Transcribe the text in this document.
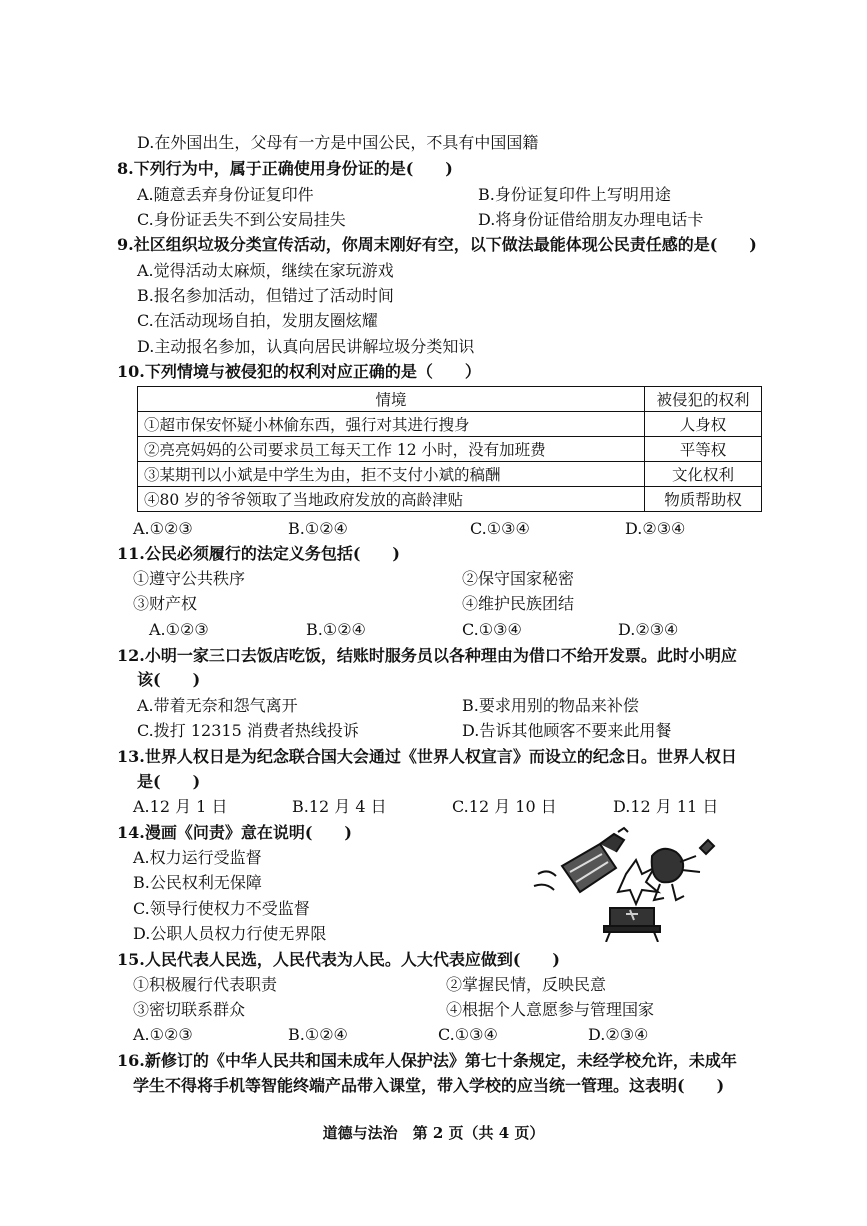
D.在外国出生，父母有一方是中国公民，不具有中国国籍
8.下列行为中，属于正确使用身份证的是(　　)
A.随意丢弃身份证复印件	B.身份证复印件上写明用途
C.身份证丢失不到公安局挂失	D.将身份证借给朋友办理电话卡
9.社区组织垃圾分类宣传活动，你周末刚好有空，以下做法最能体现公民责任感的是(　　)
A.觉得活动太麻烦，继续在家玩游戏
B.报名参加活动，但错过了活动时间
C.在活动现场自拍，发朋友圈炫耀
D.主动报名参加，认真向居民讲解垃圾分类知识
10.下列情境与被侵犯的权利对应正确的是（　　）
情境	被侵犯的权利
①超市保安怀疑小林偷东西，强行对其进行搜身	人身权
②亮亮妈妈的公司要求员工每天工作 12 小时，没有加班费	平等权
③某期刊以小斌是中学生为由，拒不支付小斌的稿酬	文化权利
④80 岁的爷爷领取了当地政府发放的高龄津贴	物质帮助权
A.①②③	B.①②④	C.①③④	D.②③④
11.公民必须履行的法定义务包括(　　)
①遵守公共秩序	②保守国家秘密
③财产权	④维护民族团结
A.①②③	B.①②④	C.①③④	D.②③④
12.小明一家三口去饭店吃饭，结账时服务员以各种理由为借口不给开发票。此时小明应
该(　　)
A.带着无奈和怨气离开	B.要求用别的物品来补偿
C.拨打 12315 消费者热线投诉	D.告诉其他顾客不要来此用餐
13.世界人权日是为纪念联合国大会通过《世界人权宣言》而设立的纪念日。世界人权日
是(　　)
A.12 月 1 日	B.12 月 4 日	C.12 月 10 日	D.12 月 11 日
14.漫画《问责》意在说明(　　)
A.权力运行受监督
B.公民权利无保障
C.领导行使权力不受监督
D.公职人员权力行使无界限
15.人民代表人民选，人民代表为人民。人大代表应做到(　　)
①积极履行代表职责	②掌握民情，反映民意
③密切联系群众	④根据个人意愿参与管理国家
A.①②③	B.①②④	C.①③④	D.②③④
16.新修订的《中华人民共和国未成年人保护法》第七十条规定，未经学校允许，未成年
学生不得将手机等智能终端产品带入课堂，带入学校的应当统一管理。这表明(　　)
道德与法治　第 2 页（共 4 页）
